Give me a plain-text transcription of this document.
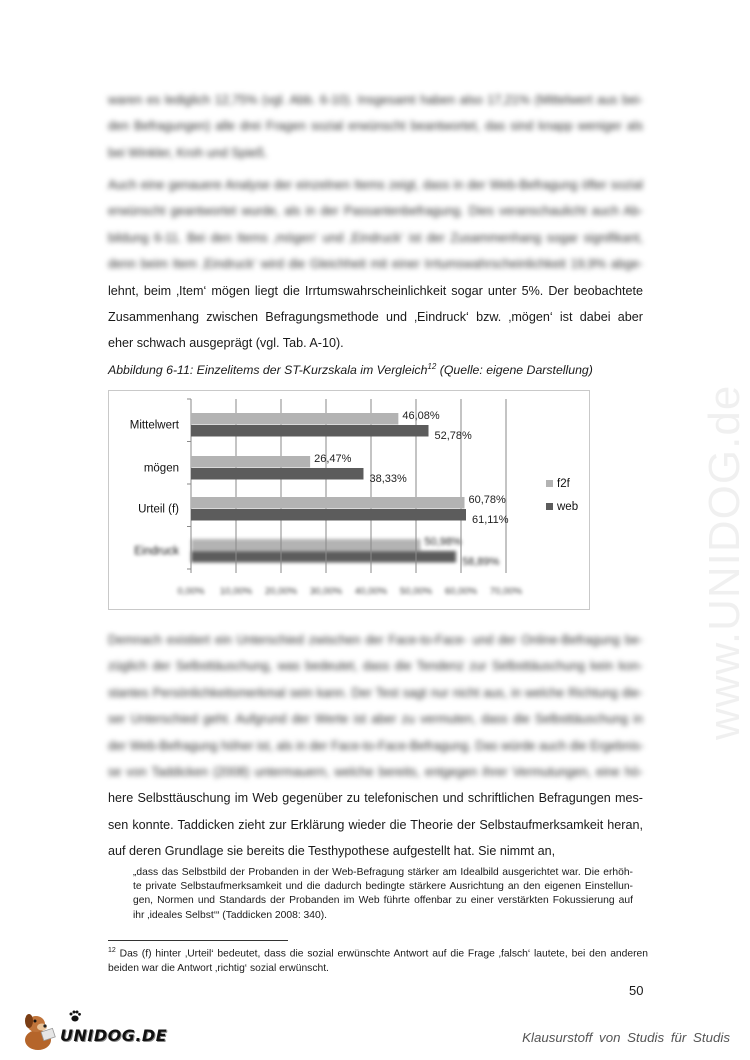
www.UNIDOG.de
waren es lediglich 12,75% (vgl. Abb. 6-10). Insgesamt haben also 17,21% (Mittelwert aus bei-
den Befragungen) alle drei Fragen sozial erwünscht beantwortet, das sind knapp weniger als
bei Winkler, Kroh und Spieß.
Auch eine genauere Analyse der einzelnen Items zeigt, dass in der Web-Befragung öfter sozial
erwünscht geantwortet wurde, als in der Passantenbefragung. Dies veranschaulicht auch Ab-
bildung 6-11. Bei den Items ‚mögen‘ und ‚Eindruck‘ ist der Zusammenhang sogar signifikant,
denn beim Item ‚Eindruck‘ wird die Gleichheit mit einer Irrtumswahrscheinlichkeit 19,9% abge-
lehnt, beim ‚Item‘ mögen liegt die Irrtumswahrscheinlichkeit sogar unter 5%. Der beobachtete
Zusammenhang zwischen Befragungsmethode und ‚Eindruck‘ bzw. ‚mögen‘ ist dabei aber
eher schwach ausgeprägt (vgl. Tab. A-10).
Abbildung 6-11: Einzelitems der ST-Kurzskala im Vergleich$^{12}$ (Quelle: eigene Darstellung)
Eindruck
50,98%
58,89%
0,00% 10,00% 20,00% 30,00% 40,00% 50,00% 60,00% 70,00%
Mittelwert
46,08%
52,78%
mögen
26,47%
38,33%
Urteil (f)
60,78%
61,11%
f2f
web
Demnach existiert ein Unterschied zwischen der Face-to-Face- und der Online-Befragung be-
züglich der Selbsttäuschung, was bedeutet, dass die Tendenz zur Selbsttäuschung kein kon-
stantes Persönlichkeitsmerkmal sein kann. Der Test sagt nur nicht aus, in welche Richtung die-
ser Unterschied geht. Aufgrund der Werte ist aber zu vermuten, dass die Selbsttäuschung in
der Web-Befragung höher ist, als in der Face-to-Face-Befragung. Das würde auch die Ergebnis-
se von Taddicken (2008) untermauern, welche bereits, entgegen ihrer Vermutungen, eine hö-
here Selbsttäuschung im Web gegenüber zu telefonischen und schriftlichen Befragungen mes-
sen konnte. Taddicken zieht zur Erklärung wieder die Theorie der Selbstaufmerksamkeit heran,
auf deren Grundlage sie bereits die Testhypothese aufgestellt hat. Sie nimmt an,
„dass das Selbstbild der Probanden in der Web-Befragung stärker am Idealbild ausgerichtet war. Die erhöh-
te private Selbstaufmerksamkeit und die dadurch bedingte stärkere Ausrichtung an den eigenen Einstellun-
gen, Normen und Standards der Probanden im Web führte offenbar zu einer verstärkten Fokussierung auf
ihr ‚ideales Selbst‘“ (Taddicken 2008: 340).
$^{12}$ Das (f) hinter ‚Urteil‘ bedeutet, dass die sozial erwünschte Antwort auf die Frage ‚falsch‘ lautete, bei den anderen
beiden war die Antwort ‚richtig‘ sozial erwünscht.
50
UNIDOG.DE	Klausurstoff von Studis für Studis
